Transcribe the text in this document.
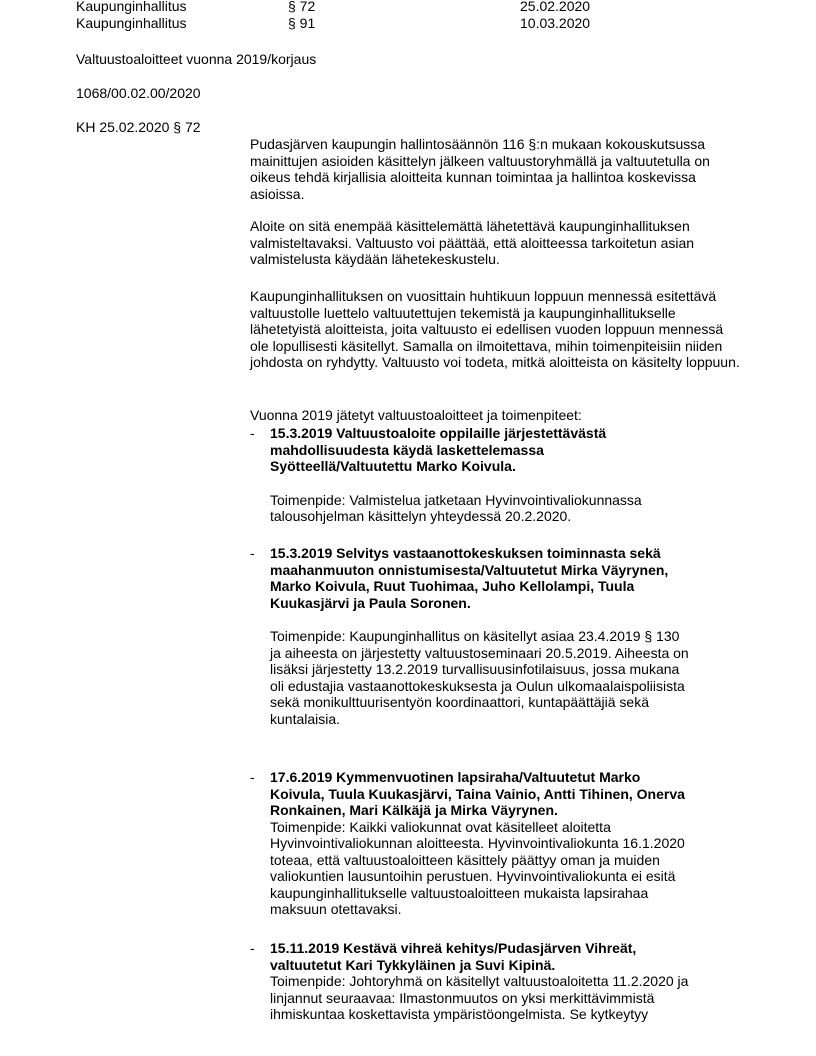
Kaupunginhallitus	§ 72	25.02.2020
Kaupunginhallitus	§ 91	10.03.2020
Valtuustoaloitteet vuonna 2019/korjaus
1068/00.02.00/2020
KH 25.02.2020 § 72

Pudasjärven kaupungin hallintosäännön 116 §:n mukaan kokouskutsussa mainittujen asioiden käsittelyn jälkeen valtuustoryhmällä ja valtuutetulla on oikeus tehdä kirjallisia aloitteita kunnan toimintaa ja hallintoa koskevissa asioissa.

Aloite on sitä enempää käsittelemättä lähetettävä kaupunginhallituksen valmisteltavaksi. Valtuusto voi päättää, että aloitteessa tarkoitetun asian valmistelusta käydään lähetekeskustelu.

Kaupunginhallituksen on vuosittain huhtikuun loppuun mennessä esitettävä valtuustolle luettelo valtuutettujen tekemistä ja kaupunginhallitukselle lähetetyistä aloitteista, joita valtuusto ei edellisen vuoden loppuun mennessä ole lopullisesti käsitellyt. Samalla on ilmoitettava, mihin toimenpiteisiin niiden johdosta on ryhdytty. Valtuusto voi todeta, mitkä aloitteista on käsitelty loppuun.

Vuonna 2019 jätetyt valtuustoaloitteet ja toimenpiteet:
-	15.3.2019 Valtuustoaloite oppilaille järjestettävästä mahdollisuudesta käydä laskettelemassa Syötteellä/Valtuutettu Marko Koivula.
Toimenpide: Valmistelua jatketaan Hyvinvointivaliokunnassa talousohjelman käsittelyn yhteydessä 20.2.2020.
-	15.3.2019 Selvitys vastaanottokeskuksen toiminnasta sekä maahanmuuton onnistumisesta/Valtuutetut Mirka Väyrynen, Marko Koivula, Ruut Tuohimaa, Juho Kellolampi, Tuula Kuukasjärvi ja Paula Soronen.
Toimenpide: Kaupunginhallitus on käsitellyt asiaa 23.4.2019 § 130 ja aiheesta on järjestetty valtuustoseminaari 20.5.2019. Aiheesta on lisäksi järjestetty 13.2.2019 turvallisuusinfotilaisuus, jossa mukana oli edustajia vastaanottokeskuksesta ja Oulun ulkomaalaispoliisista sekä monikulttuurisentyön koordinaattori, kuntapäättäjiä sekä kuntalaisia.
-	17.6.2019 Kymmenvuotinen lapsiraha/Valtuutetut Marko Koivula, Tuula Kuukasjärvi, Taina Vainio, Antti Tihinen, Onerva Ronkainen, Mari Kälkäjä ja Mirka Väyrynen.
Toimenpide: Kaikki valiokunnat ovat käsitelleet aloitetta Hyvinvointivaliokunnan aloitteesta. Hyvinvointivaliokunta 16.1.2020 toteaa, että valtuustoaloitteen käsittely päättyy oman ja muiden valiokuntien lausuntoihin perustuen. Hyvinvointivaliokunta ei esitä kaupunginhallitukselle valtuustoaloitteen mukaista lapsirahaa maksuun otettavaksi.
-	15.11.2019 Kestävä vihreä kehitys/Pudasjärven Vihreät, valtuutetut Kari Tykkyläinen ja Suvi Kipinä.
Toimenpide: Johtoryhmä on käsitellyt valtuustoaloitetta 11.2.2020 ja linjannut seuraavaa: Ilmastonmuutos on yksi merkittävimmistä ihmiskuntaa koskettavista ympäristöongelmista. Se kytkeytyy
